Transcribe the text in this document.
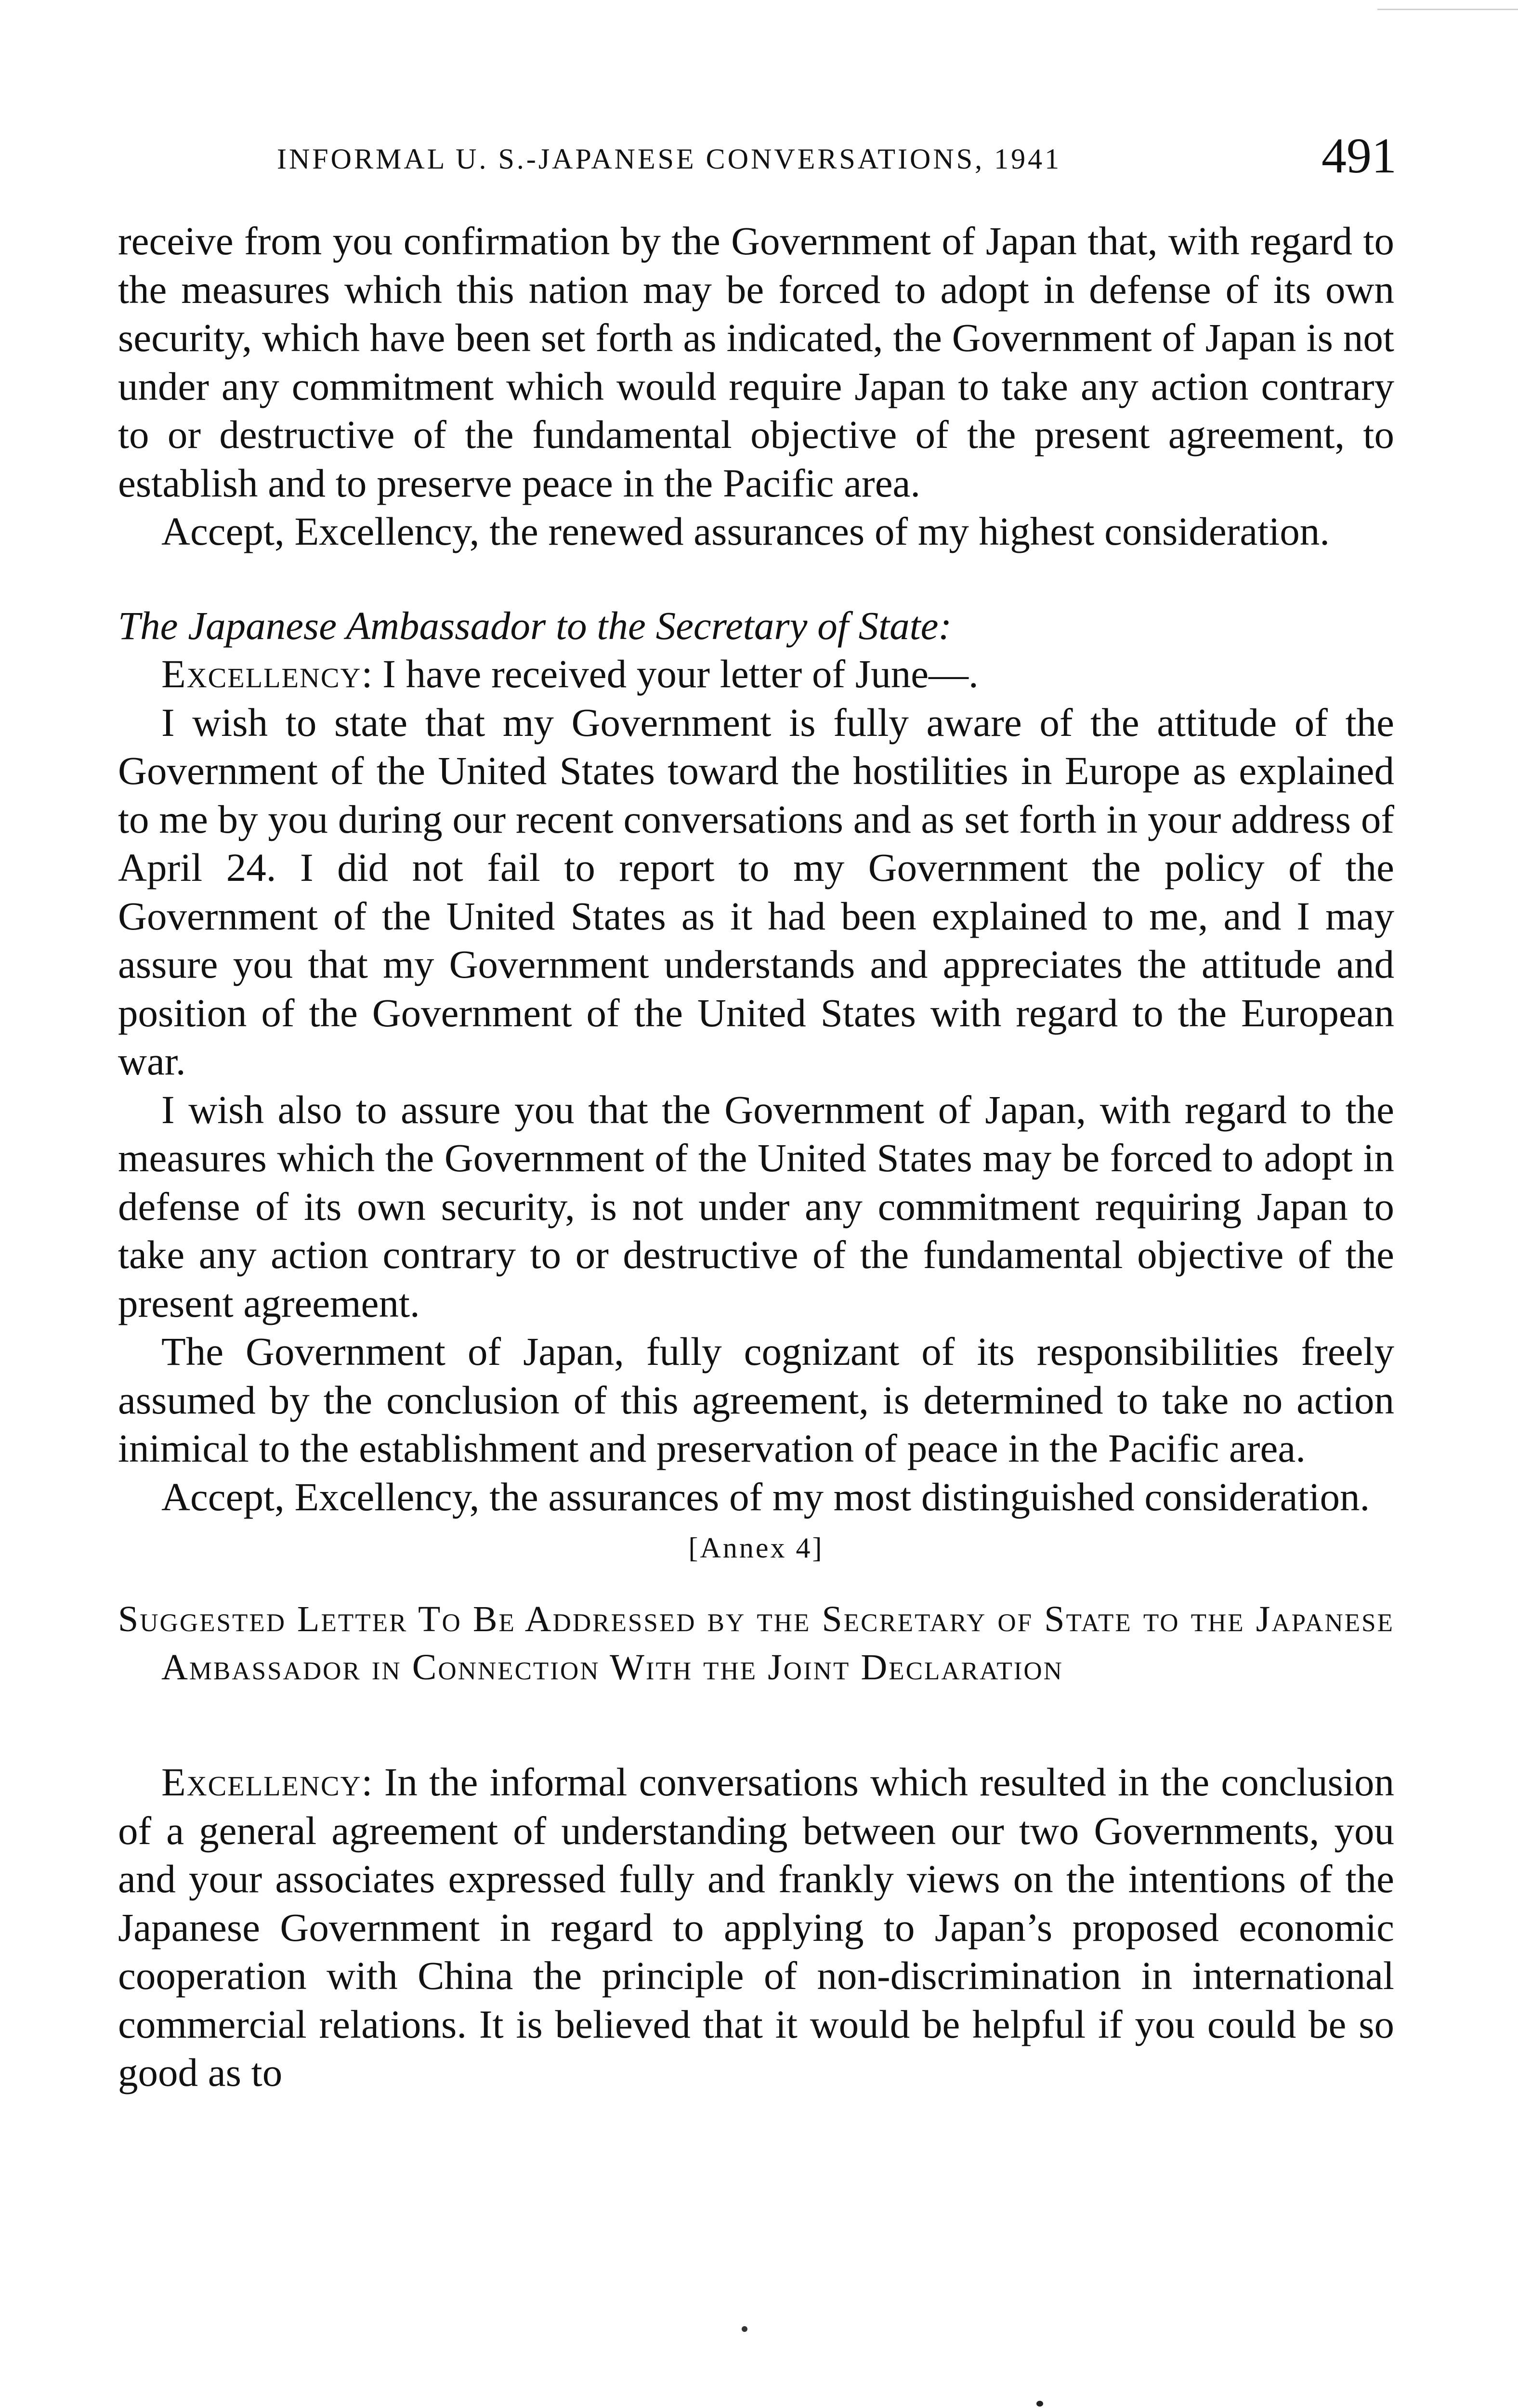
INFORMAL U. S.-JAPANESE CONVERSATIONS, 1941	491

receive from you confirmation by the Government of Japan that, with regard to the measures which this nation may be forced to adopt in defense of its own security, which have been set forth as indicated, the Government of Japan is not under any commitment which would require Japan to take any action contrary to or destructive of the fundamental objective of the present agreement, to establish and to preserve peace in the Pacific area.

Accept, Excellency, the renewed assurances of my highest consideration.

The Japanese Ambassador to the Secretary of State:

Excellency: I have received your letter of June—.

I wish to state that my Government is fully aware of the attitude of the Government of the United States toward the hostilities in Europe as explained to me by you during our recent conversations and as set forth in your address of April 24. I did not fail to report to my Government the policy of the Government of the United States as it had been explained to me, and I may assure you that my Government understands and appreciates the attitude and position of the Government of the United States with regard to the European war.

I wish also to assure you that the Government of Japan, with regard to the measures which the Government of the United States may be forced to adopt in defense of its own security, is not under any commitment requiring Japan to take any action contrary to or destructive of the fundamental objective of the present agreement.

The Government of Japan, fully cognizant of its responsibilities freely assumed by the conclusion of this agreement, is determined to take no action inimical to the establishment and preservation of peace in the Pacific area.

Accept, Excellency, the assurances of my most distinguished consideration.

[Annex 4]

Suggested Letter To Be Addressed by the Secretary of State to the Japanese Ambassador in Connection With the Joint Declaration

Excellency: In the informal conversations which resulted in the conclusion of a general agreement of understanding between our two Governments, you and your associates expressed fully and frankly views on the intentions of the Japanese Government in regard to applying to Japan’s proposed economic cooperation with China the principle of non-discrimination in international commercial relations. It is believed that it would be helpful if you could be so good as to
